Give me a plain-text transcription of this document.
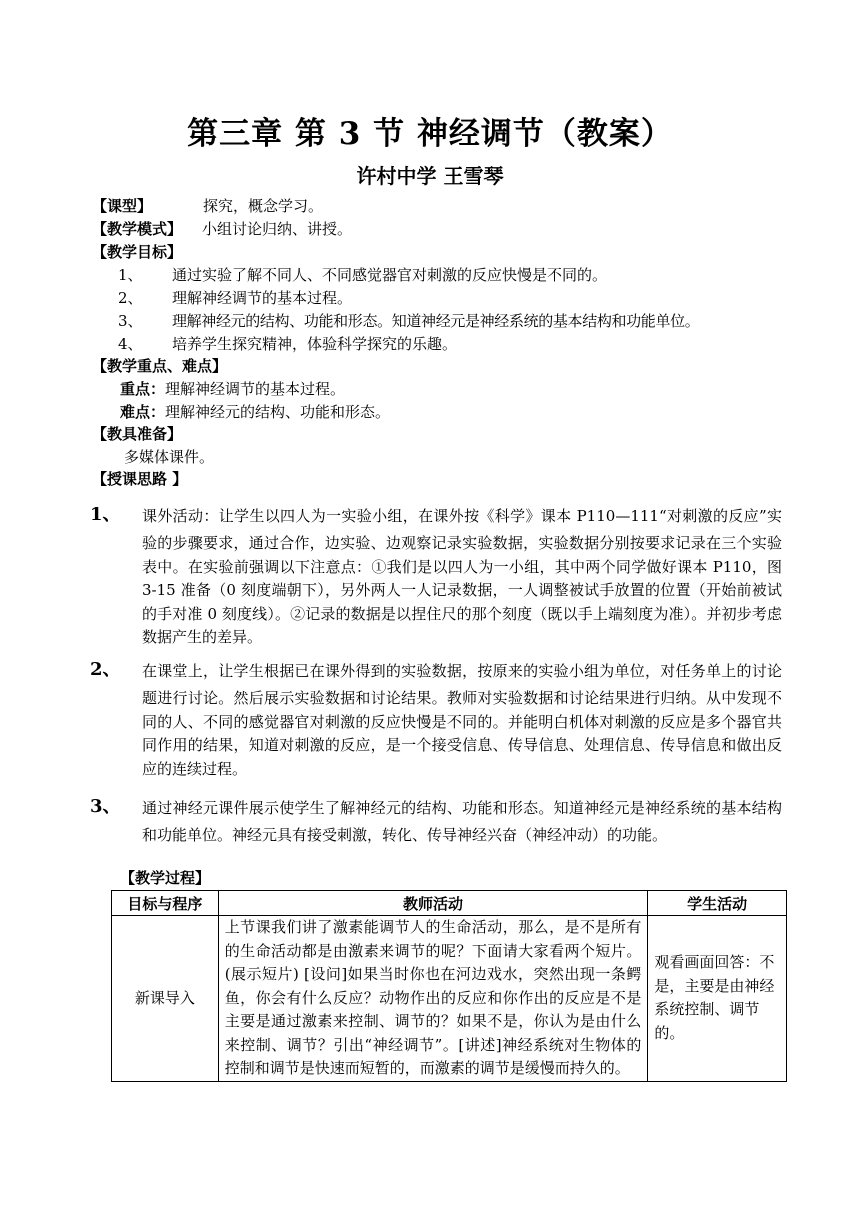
第三章 第 3 节 神经调节（教案）
许村中学 王雪琴
【课型】	探究，概念学习。
【教学模式】 小组讨论归纳、讲授。
【教学目标】
1、 通过实验了解不同人、不同感觉器官对刺激的反应快慢是不同的。
2、 理解神经调节的基本过程。
3、 理解神经元的结构、功能和形态。知道神经元是神经系统的基本结构和功能单位。
4、 培养学生探究精神，体验科学探究的乐趣。
【教学重点、难点】
重点：理解神经调节的基本过程。
难点：理解神经元的结构、功能和形态。
【教具准备】
多媒体课件。
【授课思路 】
1、 课外活动：让学生以四人为一实验小组，在课外按《科学》课本 P110—111“对刺激的反应”实验的步骤要求，通过合作，边实验、边观察记录实验数据，实验数据分别按要求记录在三个实验表中。在实验前强调以下注意点：①我们是以四人为一小组，其中两个同学做好课本 P110，图 3-15 准备（0 刻度端朝下），另外两人一人记录数据，一人调整被试手放置的位置（开始前被试的手对准 0 刻度线）。②记录的数据是以捏住尺的那个刻度（既以手上端刻度为准）。并初步考虑数据产生的差异。

2、 在课堂上，让学生根据已在课外得到的实验数据，按原来的实验小组为单位，对任务单上的讨论题进行讨论。然后展示实验数据和讨论结果。教师对实验数据和讨论结果进行归纳。从中发现不同的人、不同的感觉器官对刺激的反应快慢是不同的。并能明白机体对刺激的反应是多个器官共同作用的结果，知道对刺激的反应，是一个接受信息、传导信息、处理信息、传导信息和做出反应的连续过程。

3、 通过神经元课件展示使学生了解神经元的结构、功能和形态。知道神经元是神经系统的基本结构和功能单位。神经元具有接受刺激，转化、传导神经兴奋（神经冲动）的功能。

【教学过程】
目标与程序	教师活动	学生活动
新课导入	上节课我们讲了激素能调节人的生命活动，那么，是不是所有的生命活动都是由激素来调节的呢？下面请大家看两个短片。(展示短片) [设问]如果当时你也在河边戏水，突然出现一条鳄鱼，你会有什么反应？动物作出的反应和你作出的反应是不是主要是通过激素来控制、调节的？如果不是，你认为是由什么来控制、调节？引出“神经调节”。[讲述]神经系统对生物体的控制和调节是快速而短暂的，而激素的调节是缓慢而持久的。	观看画面回答：不是，主要是由神经系统控制、调节的。
